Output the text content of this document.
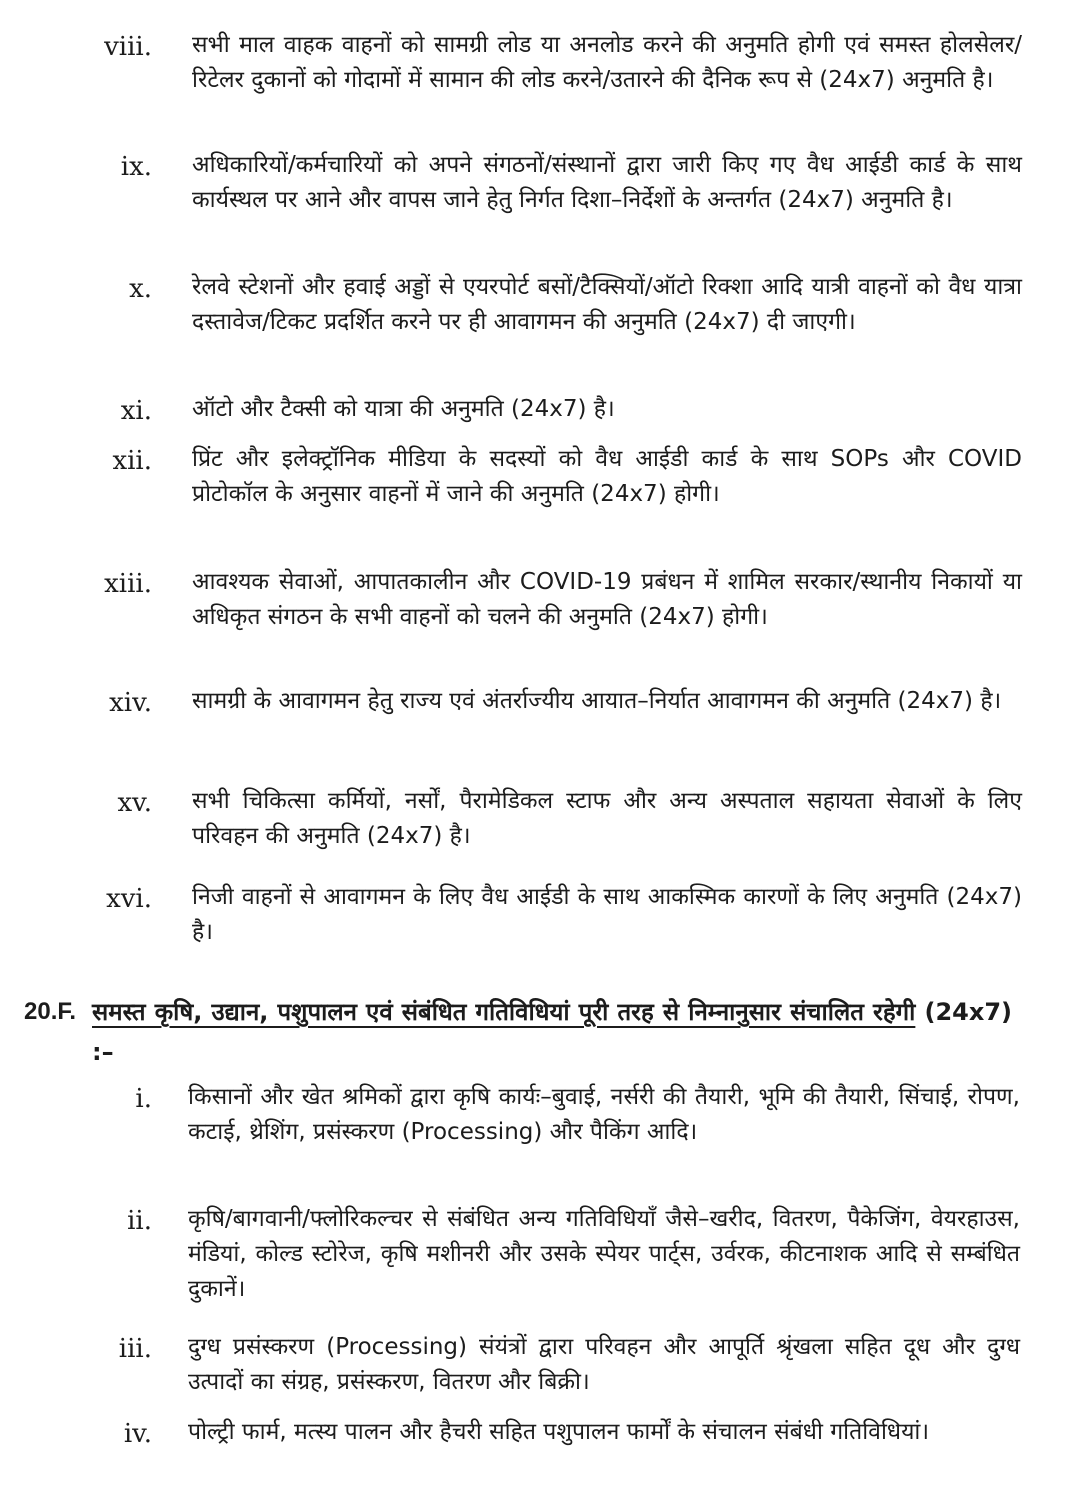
viii. सभी माल वाहक वाहनों को सामग्री लोड या अनलोड करने की अनुमति होगी एवं समस्त होलसेलर/रिटेलर दुकानों को गोदामों में सामान की लोड करने/उतारने की दैनिक रूप से (24x7) अनुमति है।
ix. अधिकारियों/कर्मचारियों को अपने संगठनों/संस्थानों द्वारा जारी किए गए वैध आईडी कार्ड के साथ कार्यस्थल पर आने और वापस जाने हेतु निर्गत दिशा–निर्देशों के अन्तर्गत (24x7) अनुमति है।
x. रेलवे स्टेशनों और हवाई अड्डों से एयरपोर्ट बसों/टैक्सियों/ऑटो रिक्शा आदि यात्री वाहनों को वैध यात्रा दस्तावेज/टिकट प्रदर्शित करने पर ही आवागमन की अनुमति (24x7) दी जाएगी।
xi. ऑटो और टैक्सी को यात्रा की अनुमति (24x7) है।
xii. प्रिंट और इलेक्ट्रॉनिक मीडिया के सदस्यों को वैध आईडी कार्ड के साथ SOPs और COVID प्रोटोकॉल के अनुसार वाहनों में जाने की अनुमति (24x7) होगी।
xiii. आवश्यक सेवाओं, आपातकालीन और COVID-19 प्रबंधन में शामिल सरकार/स्थानीय निकायों या अधिकृत संगठन के सभी वाहनों को चलने की अनुमति (24x7) होगी।
xiv. सामग्री के आवागमन हेतु राज्य एवं अंतर्राज्यीय आयात–निर्यात आवागमन की अनुमति (24x7) है।
xv. सभी चिकित्सा कर्मियों, नर्सों, पैरामेडिकल स्टाफ और अन्य अस्पताल सहायता सेवाओं के लिए परिवहन की अनुमति (24x7) है।
xvi. निजी वाहनों से आवागमन के लिए वैध आईडी के साथ आकस्मिक कारणों के लिए अनुमति (24x7) है।
20.F. समस्त कृषि, उद्यान, पशुपालन एवं संबंधित गतिविधियां पूरी तरह से निम्नानुसार संचालित रहेगी (24x7) :–
i. किसानों और खेत श्रमिकों द्वारा कृषि कार्यः–बुवाई, नर्सरी की तैयारी, भूमि की तैयारी, सिंचाई, रोपण, कटाई, थ्रेशिंग, प्रसंस्करण (Processing) और पैकिंग आदि।
ii. कृषि/बागवानी/फ्लोरिकल्चर से संबंधित अन्य गतिविधियाँ जैसे–खरीद, वितरण, पैकेजिंग, वेयरहाउस, मंडियां, कोल्ड स्टोरेज, कृषि मशीनरी और उसके स्पेयर पार्ट्स, उर्वरक, कीटनाशक आदि से सम्बंधित दुकानें।
iii. दुग्ध प्रसंस्करण (Processing) संयंत्रों द्वारा परिवहन और आपूर्ति श्रृंखला सहित दूध और दुग्ध उत्पादों का संग्रह, प्रसंस्करण, वितरण और बिक्री।
iv. पोल्ट्री फार्म, मत्स्य पालन और हैचरी सहित पशुपालन फार्मों के संचालन संबंधी गतिविधियां।
